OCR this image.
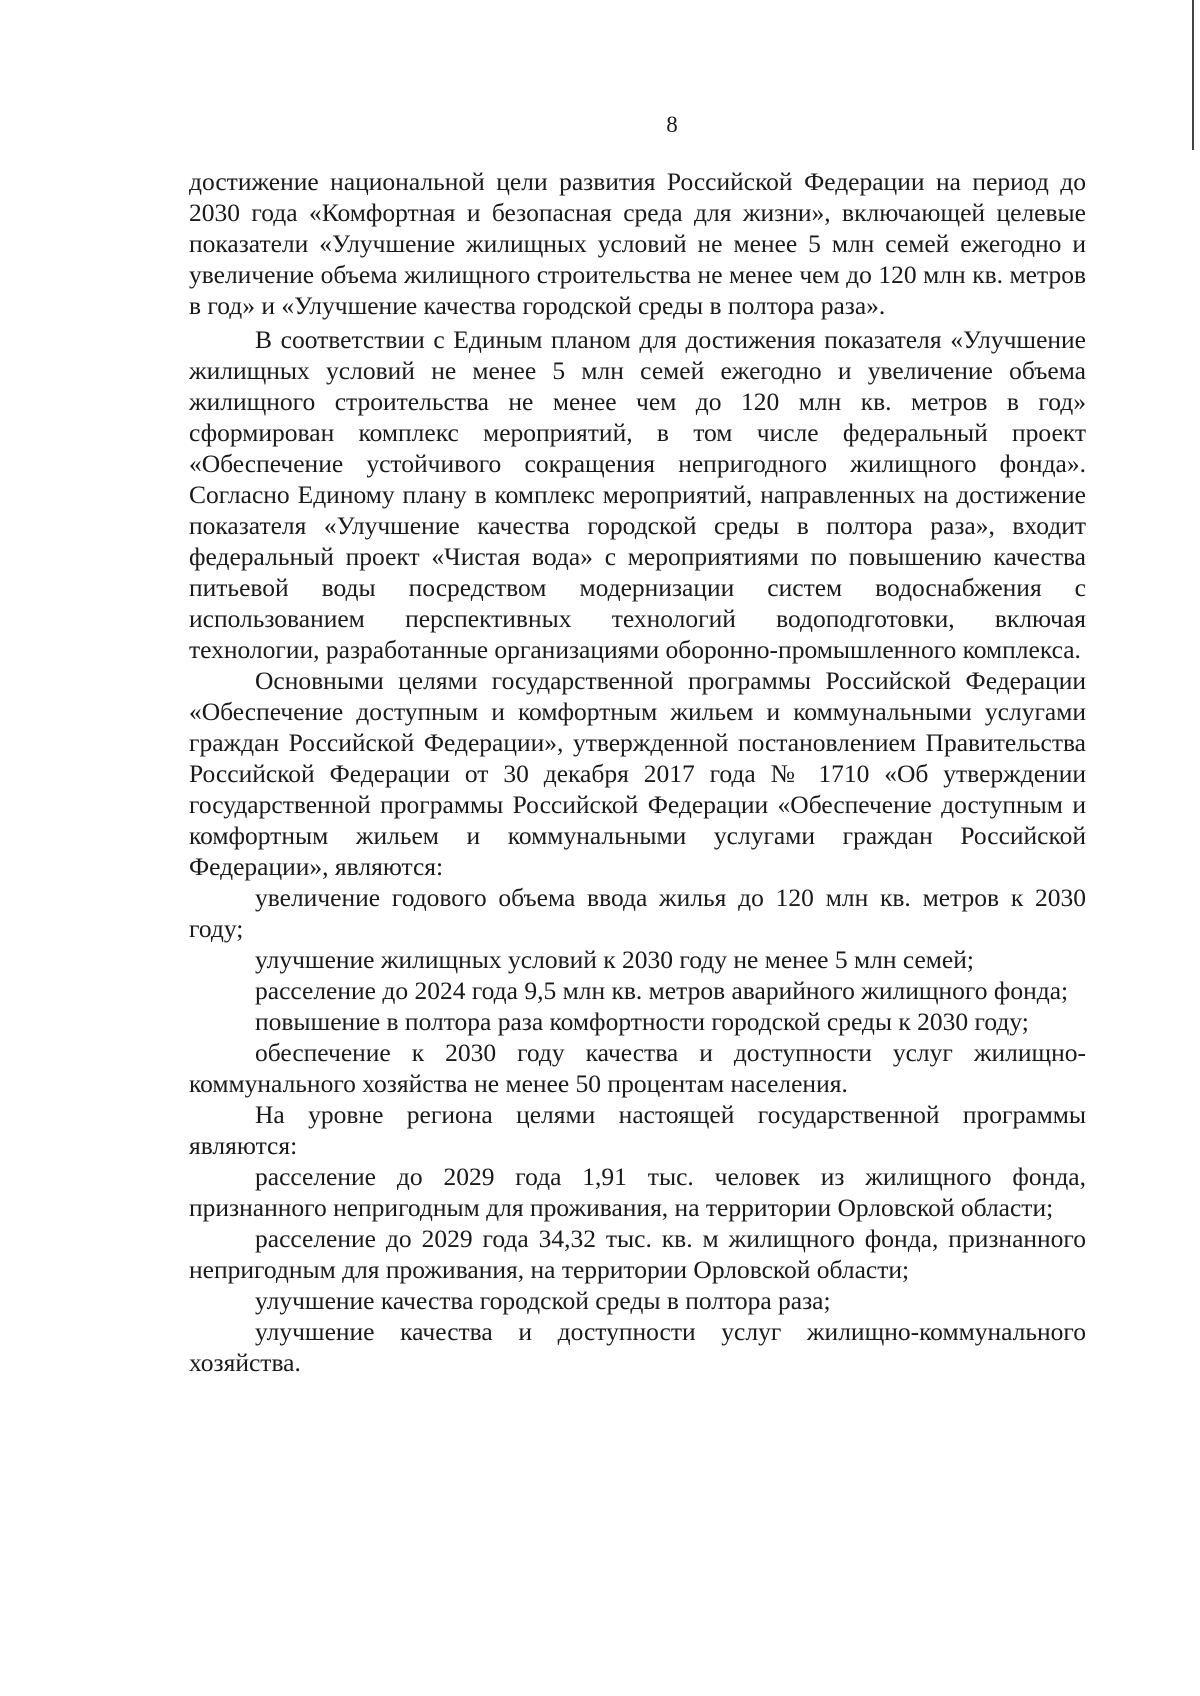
8

достижение национальной цели развития Российской Федерации на период до 2030 года «Комфортная и безопасная среда для жизни», включающей целевые показатели «Улучшение жилищных условий не менее 5 млн семей ежегодно и увеличение объема жилищного строительства не менее чем до 120 млн кв. метров в год» и «Улучшение качества городской среды в полтора раза».

В соответствии с Единым планом для достижения показателя «Улучшение жилищных условий не менее 5 млн семей ежегодно и увеличение объема жилищного строительства не менее чем до 120 млн кв. метров в год» сформирован комплекс мероприятий, в том числе федеральный проект «Обеспечение устойчивого сокращения непригодного жилищного фонда». Согласно Единому плану в комплекс мероприятий, направленных на достижение показателя «Улучшение качества городской среды в полтора раза», входит федеральный проект «Чистая вода» с мероприятиями по повышению качества питьевой воды посредством модернизации систем водоснабжения с использованием перспективных технологий водоподготовки, включая технологии, разработанные организациями оборонно-промышленного комплекса.

Основными целями государственной программы Российской Федерации «Обеспечение доступным и комфортным жильем и коммунальными услугами граждан Российской Федерации», утвержденной постановлением Правительства Российской Федерации от 30 декабря 2017 года № 1710 «Об утверждении государственной программы Российской Федерации «Обеспечение доступным и комфортным жильем и коммунальными услугами граждан Российской Федерации», являются:

увеличение годового объема ввода жилья до 120 млн кв. метров к 2030 году;

улучшение жилищных условий к 2030 году не менее 5 млн семей;

расселение до 2024 года 9,5 млн кв. метров аварийного жилищного фонда;

повышение в полтора раза комфортности городской среды к 2030 году;

обеспечение к 2030 году качества и доступности услуг жилищно-коммунального хозяйства не менее 50 процентам населения.

На уровне региона целями настоящей государственной программы являются:

расселение до 2029 года 1,91 тыс. человек из жилищного фонда, признанного непригодным для проживания, на территории Орловской области;

расселение до 2029 года 34,32 тыс. кв. м жилищного фонда, признанного непригодным для проживания, на территории Орловской области;

улучшение качества городской среды в полтора раза;

улучшение качества и доступности услуг жилищно-коммунального хозяйства.
